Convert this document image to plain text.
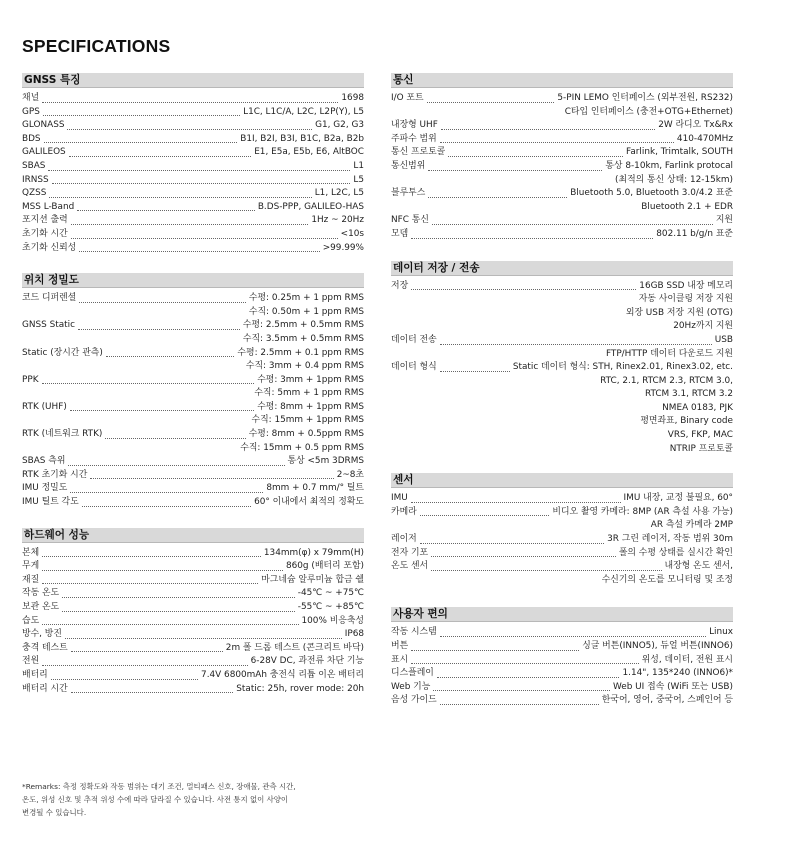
SPECIFICATIONS
GNSS 특징
채널	1698
GPS	L1C, L1C/A, L2C, L2P(Y), L5
GLONASS	G1, G2, G3
BDS	B1I, B2I, B3I, B1C, B2a, B2b
GALILEOS	E1, E5a, E5b, E6, AltBOC
SBAS	L1
IRNSS	L5
QZSS	L1, L2C, L5
MSS L-Band	B.DS-PPP, GALILEO-HAS
포지션 출력	1Hz ~ 20Hz
초기화 시간	<10s
초기화 신뢰성	>99.99%
위치 정밀도
코드 디퍼렌셜	수평: 0.25m + 1 ppm RMS
수직: 0.50m + 1 ppm RMS
GNSS Static	수평: 2.5mm + 0.5mm RMS
수직: 3.5mm + 0.5mm RMS
Static (장시간 관측)	수평: 2.5mm + 0.1 ppm RMS
수직: 3mm + 0.4 ppm RMS
PPK	수평: 3mm + 1ppm RMS
수직: 5mm + 1 ppm RMS
RTK (UHF)	수평: 8mm + 1ppm RMS
수직: 15mm + 1ppm RMS
RTK (네트워크 RTK)	수평: 8mm + 0.5ppm RMS
수직: 15mm + 0.5 ppm RMS
SBAS 측위	통상 <5m 3DRMS
RTK 초기화 시간	2~8초
IMU 정밀도	8mm + 0.7 mm/° 틸트
IMU 틸트 각도	60° 이내에서 최적의 정확도
하드웨어 성능
본체	134mm(φ) x 79mm(H)
무게	860g (배터리 포함)
재질	마그네슘 알루미늄 합금 쉘
작동 온도	-45℃ ~ +75℃
보관 온도	-55℃ ~ +85℃
습도	100% 비응축성
방수, 방진	IP68
충격 테스트	2m 폴 드롭 테스트 (콘크리트 바닥)
전원	6-28V DC, 과전류 차단 기능
배터리	7.4V 6800mAh 충전식 리튬 이온 배터리
배터리 시간	Static: 25h, rover mode: 20h
통신
I/O 포트	5-PIN LEMO 인터페이스 (외부전원, RS232)
C타입 인터페이스 (충전+OTG+Ethernet)
내장형 UHF	2W 라디오 Tx&Rx
주파수 범위	410-470MHz
통신 프로토콜	Farlink, Trimtalk, SOUTH
통신범위	통상 8-10km, Farlink protocal
(최적의 통신 상태: 12-15km)
블루투스	Bluetooth 5.0, Bluetooth 3.0/4.2 표준
Bluetooth 2.1 + EDR
NFC 통신	지원
모뎀	802.11 b/g/n 표준
데이터 저장 / 전송
저장	16GB SSD 내장 메모리
자동 사이클링 저장 지원
외장 USB 저장 지원 (OTG)
20Hz까지 지원
데이터 전송	USB
FTP/HTTP 데이터 다운로드 지원
데이터 형식	Static 데이터 형식: STH, Rinex2.01, Rinex3.02, etc.
RTC, 2.1, RTCM 2.3, RTCM 3.0,
RTCM 3.1, RTCM 3.2
NMEA 0183, PJK
평면좌표, Binary code
VRS, FKP, MAC
NTRIP 프로토콜
센서
IMU	IMU 내장, 교정 불필요, 60°
카메라	비디오 촬영 카메라: 8MP (AR 측설 사용 가능)
AR 측설 카메라 2MP
레이저	3R 그린 레이저, 작동 범위 30m
전자 기포	폴의 수평 상태를 실시간 확인
온도 센서	내장형 온도 센서,
수신기의 온도를 모니터링 및 조정
사용자 편의
작동 시스템	Linux
버튼	싱글 버튼(INNO5), 듀얼 버튼(INNO6)
표시	위성, 데이터, 전원 표시
디스플레이	1.14", 135*240 (INNO6)*
Web 기능	Web UI 접속 (WiFi 또는 USB)
음성 가이드	한국어, 영어, 중국어, 스페인어 등
*Remarks: 측정 정확도와 작동 범위는 대기 조건, 멀티패스 신호, 장애물, 관측 시간,
온도, 위성 신호 및 추적 위성 수에 따라 달라질 수 있습니다. 사전 통지 없이 사양이
변경될 수 있습니다.
